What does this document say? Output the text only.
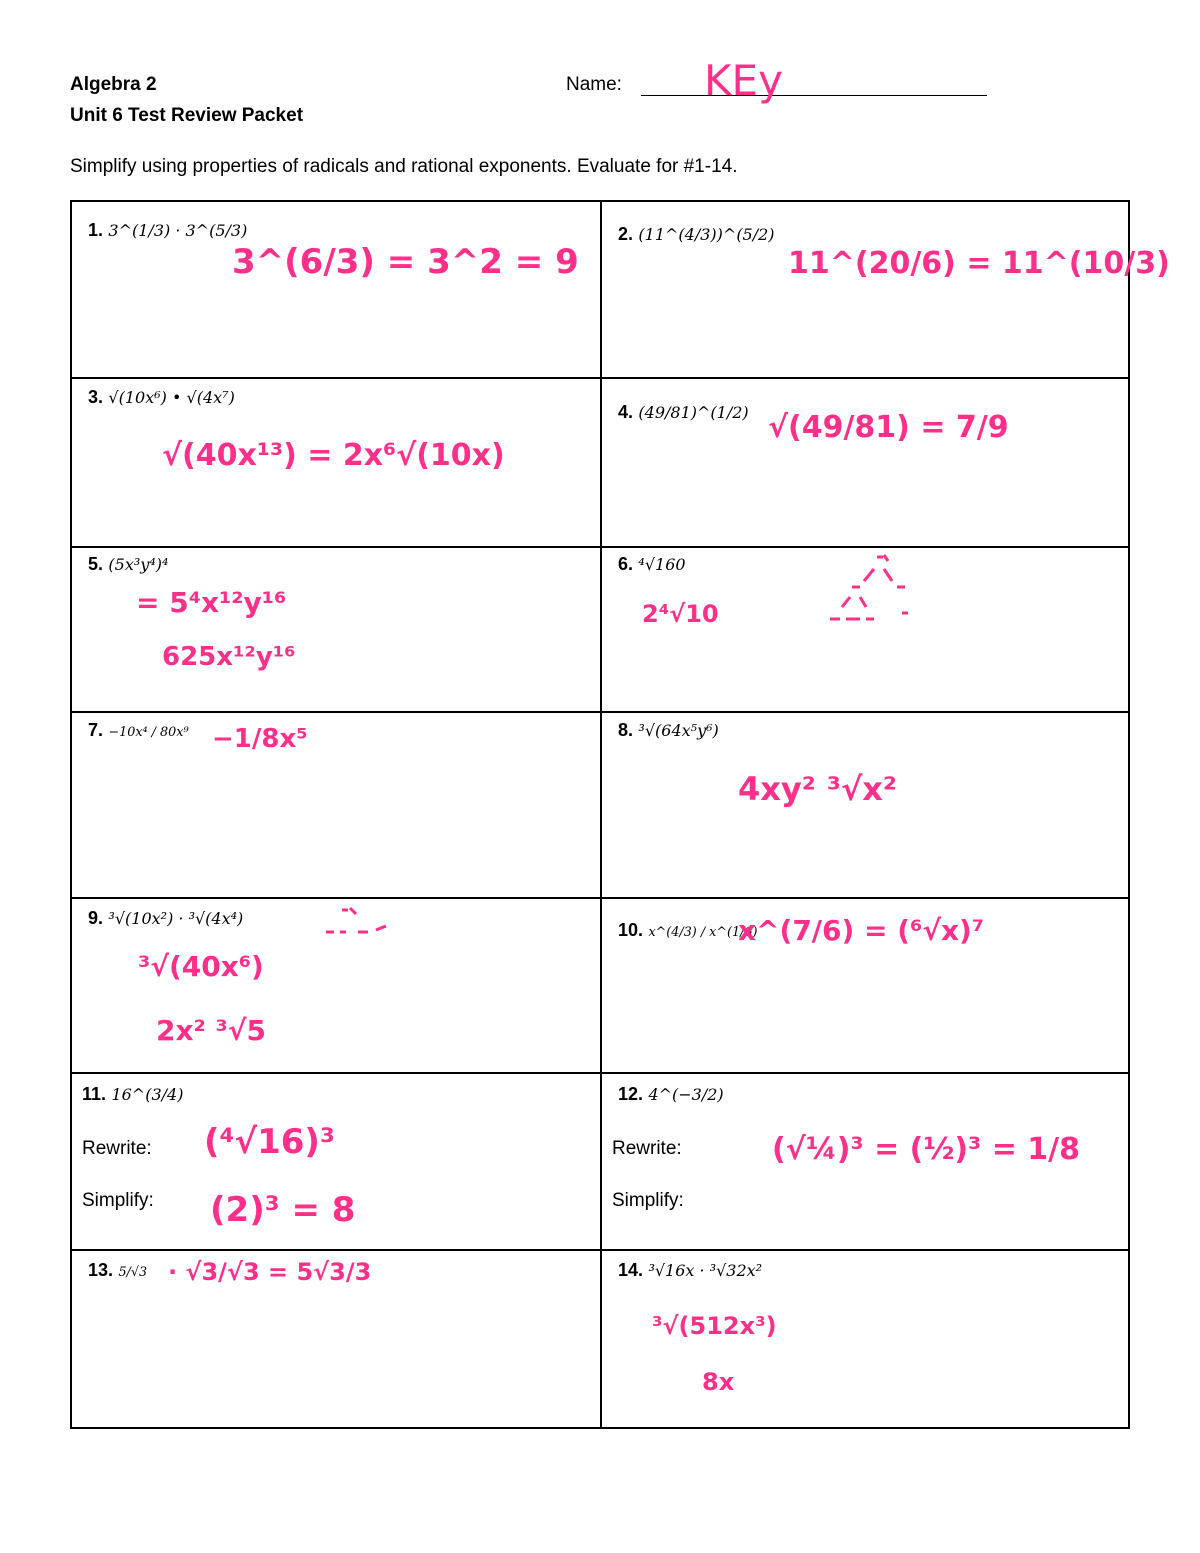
Algebra 2
Unit 6 Test Review Packet
Name: KEy
Simplify using properties of radicals and rational exponents. Evaluate for #1-14.
1. 3^(1/3) · 3^(5/3)
3^(6/3) = 3^2 = 9
2. (11^(4/3))^(5/2)
11^(20/6) = 11^(10/3)
3. √(10x⁶) • √(4x⁷)
√(40x¹³) = 2x⁶√(10x)
4. (49/81)^(1/2) √(49/81) = 7/9
5. (5x³y⁴)⁴
= 5⁴x¹²y¹⁶
625x¹²y¹⁶
6. ⁴√160
2⁴√10
7. −10x⁴ / 80x⁹ −1/8x⁵	8. ³√(64x⁵y⁶)
4xy² ³√x²
9. ³√(10x²) · ³√(4x⁴)
³√(40x⁶)
2x² ³√5
10. x^(4/3) / x^(1/6)
x^(7/6) = (⁶√x)⁷
11. 16^(3/4)
Rewrite:
Simplify:
(⁴√16)³
(2)³ = 8
12. 4^(−3/2)
Rewrite:
Simplify:
(√¼)³ = (½)³ = 1/8
13. 5/√3 · √3/√3 = 5√3/3	14. ³√16x · ³√32x²
³√(512x³)
8x
